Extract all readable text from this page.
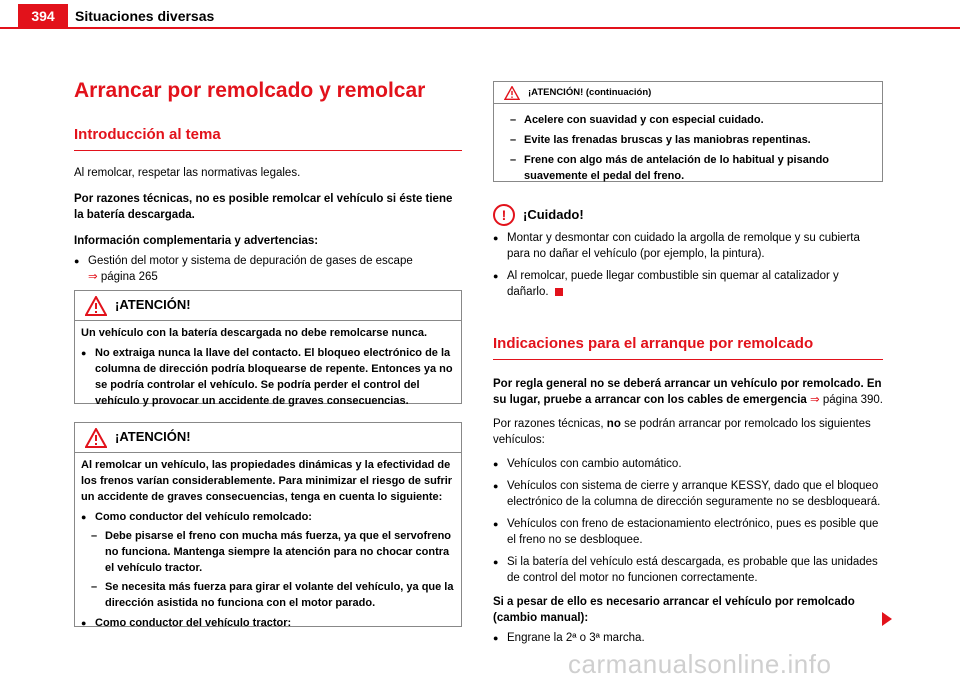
394	Situaciones diversas
Arrancar por remolcado y remolcar
Introducción al tema
Al remolcar, respetar las normativas legales.
Por razones técnicas, no es posible remolcar el vehículo si éste tiene la batería descargada.
Información complementaria y advertencias:
● Gestión del motor y sistema de depuración de gases de escape
⇒ página 265
¡ATENCIÓN!
Un vehículo con la batería descargada no debe remolcarse nunca.
● No extraiga nunca la llave del contacto. El bloqueo electrónico de la columna de dirección podría bloquearse de repente. Entonces ya no se podría controlar el vehículo. Se podría perder el control del vehículo y provocar un accidente de graves consecuencias.
¡ATENCIÓN!
Al remolcar un vehículo, las propiedades dinámicas y la efectividad de los frenos varían considerablemente. Para minimizar el riesgo de sufrir un accidente de graves consecuencias, tenga en cuenta lo siguiente:
● Como conductor del vehículo remolcado:
– Debe pisarse el freno con mucha más fuerza, ya que el servofreno no funciona. Mantenga siempre la atención para no chocar contra el vehículo tractor.
– Se necesita más fuerza para girar el volante del vehículo, ya que la dirección asistida no funciona con el motor parado.
● Como conductor del vehículo tractor:
¡ATENCIÓN! (continuación)
– Acelere con suavidad y con especial cuidado.
– Evite las frenadas bruscas y las maniobras repentinas.
– Frene con algo más de antelación de lo habitual y pisando suavemente el pedal del freno.
!	¡Cuidado!
● Montar y desmontar con cuidado la argolla de remolque y su cubierta para no dañar el vehículo (por ejemplo, la pintura).
● Al remolcar, puede llegar combustible sin quemar al catalizador y dañarlo.
Indicaciones para el arranque por remolcado
Por regla general no se deberá arrancar un vehículo por remolcado. En su lugar, pruebe a arrancar con los cables de emergencia ⇒ página 390.
Por razones técnicas, no se podrán arrancar por remolcado los siguientes vehículos:
● Vehículos con cambio automático.
● Vehículos con sistema de cierre y arranque KESSY, dado que el bloqueo electrónico de la columna de dirección seguramente no se desbloqueará.
● Vehículos con freno de estacionamiento electrónico, pues es posible que el freno no se desbloquee.
● Si la batería del vehículo está descargada, es probable que las unidades de control del motor no funcionen correctamente.
Si a pesar de ello es necesario arrancar el vehículo por remolcado (cambio manual):
● Engrane la 2ª o 3ª marcha.
carmanualsonline.info
